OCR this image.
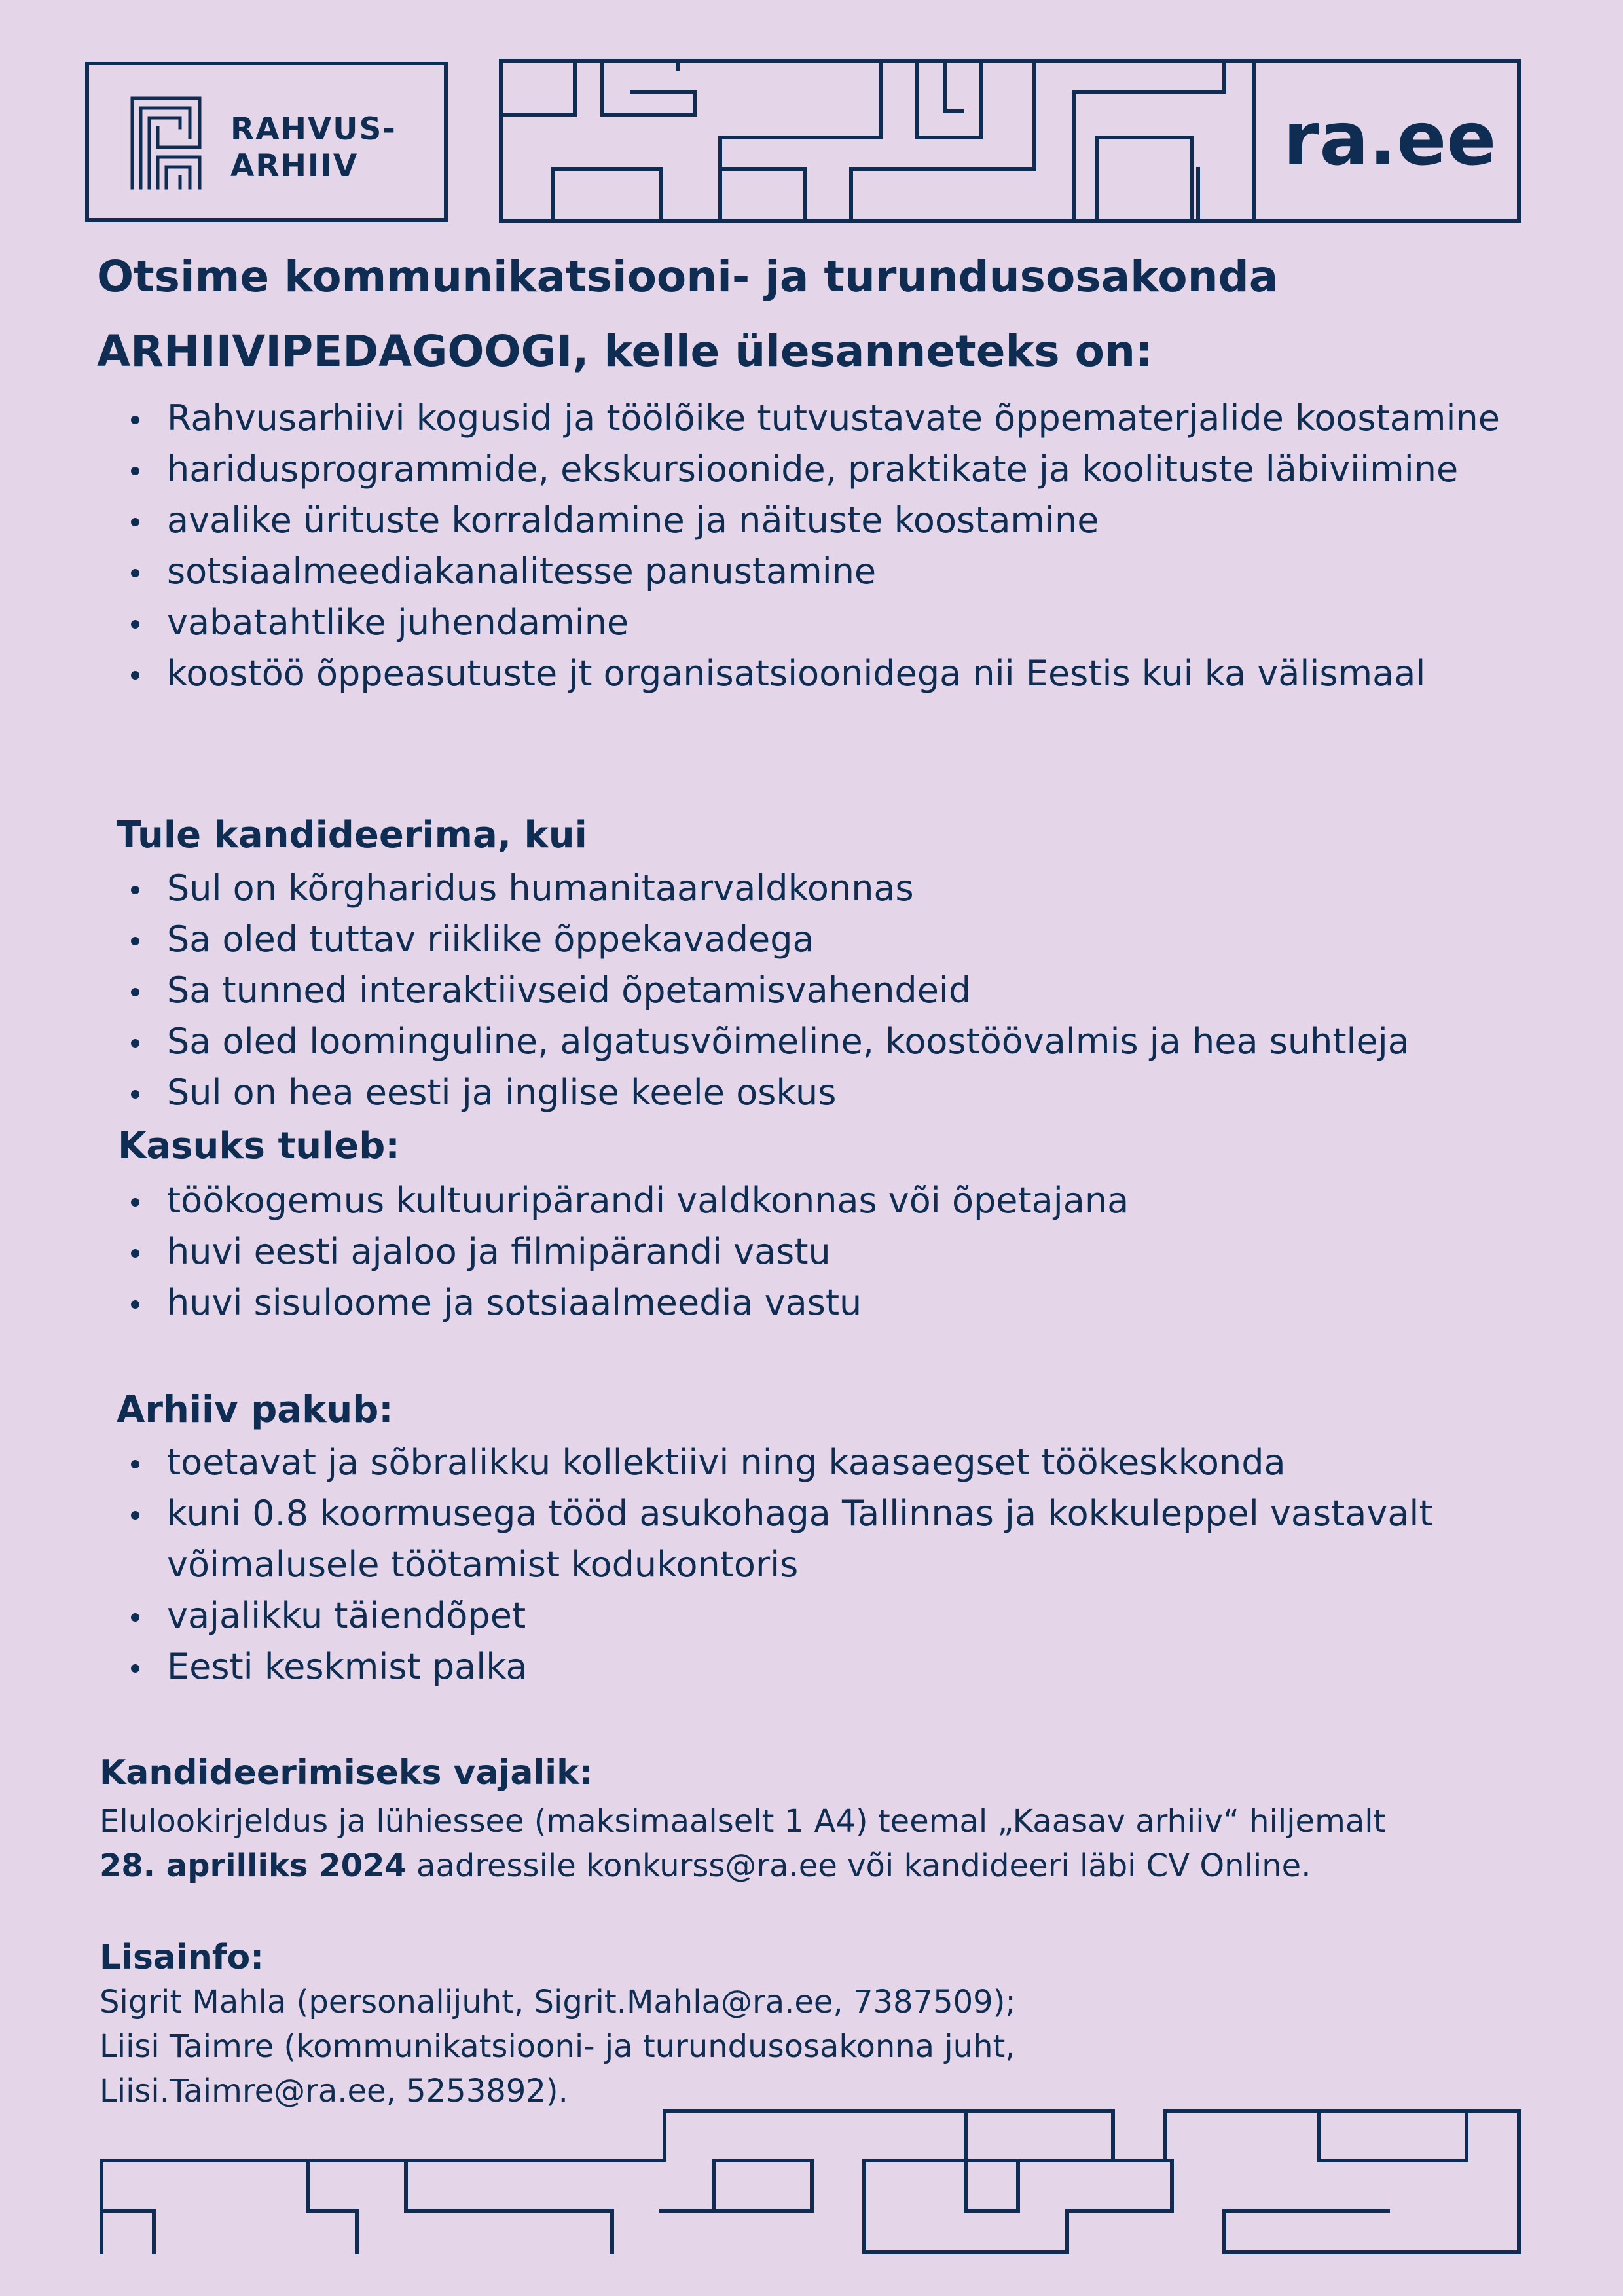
RAHVUS-
ARHIIV	ra.ee
Otsime kommunikatsiooni- ja turundusosakonda
ARHIIVIPEDAGOOGI, kelle ülesanneteks on:
Rahvusarhiivi kogusid ja töölõike tutvustavate õppematerjalide koostamine
haridusprogrammide, ekskursioonide, praktikate ja koolituste läbiviimine
avalike ürituste korraldamine ja näituste koostamine
sotsiaalmeediakanalitesse panustamine
vabatahtlike juhendamine
koostöö õppeasutuste jt organisatsioonidega nii Eestis kui ka välismaal
Tule kandideerima, kui
Sul on kõrgharidus humanitaarvaldkonnas
Sa oled tuttav riiklike õppekavadega
Sa tunned interaktiivseid õpetamisvahendeid
Sa oled loominguline, algatusvõimeline, koostöövalmis ja hea suhtleja
Sul on hea eesti ja inglise keele oskus
Kasuks tuleb:
töökogemus kultuuripärandi valdkonnas või õpetajana
huvi eesti ajaloo ja filmipärandi vastu
huvi sisuloome ja sotsiaalmeedia vastu
Arhiiv pakub:
toetavat ja sõbralikku kollektiivi ning kaasaegset töökeskkonda
kuni 0.8 koormusega tööd asukohaga Tallinnas ja kokkuleppel vastavalt võimalusele töötamist kodukontoris
vajalikku täiendõpet
Eesti keskmist palka
Kandideerimiseks vajalik:
Elulookirjeldus ja lühiessee (maksimaalselt 1 A4) teemal „Kaasav arhiiv“ hiljemalt
28. aprilliks 2024 aadressile konkurss@ra.ee või kandideeri läbi CV Online.
Lisainfo:
Sigrit Mahla (personalijuht, Sigrit.Mahla@ra.ee, 7387509);
Liisi Taimre (kommunikatsiooni- ja turundusosakonna juht,
Liisi.Taimre@ra.ee, 5253892).
